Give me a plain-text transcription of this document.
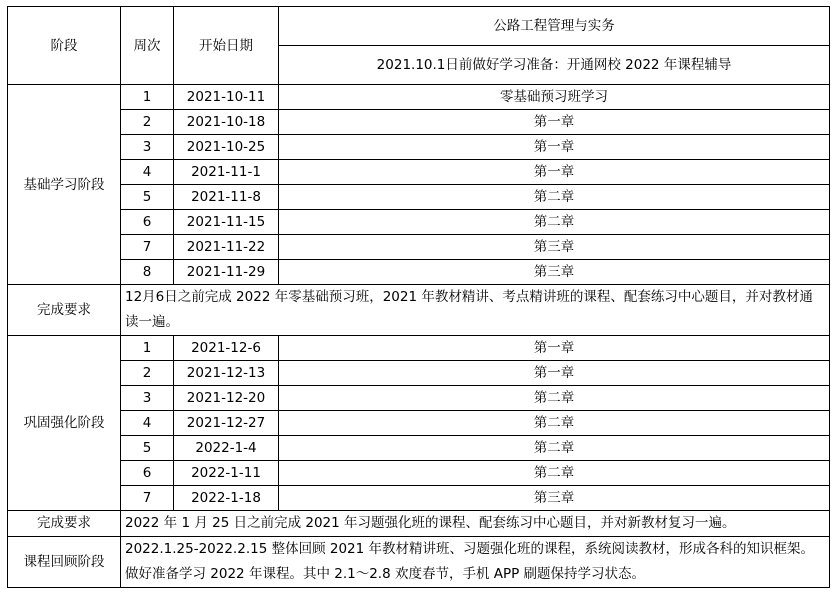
阶段	周次	开始日期	公路工程管理与实务
			2021.10.1日前做好学习准备：开通网校 2022 年课程辅导
基础学习阶段	1	2021-10-11	零基础预习班学习
	2	2021-10-18	第一章
	3	2021-10-25	第一章
	4	2021-11-1	第一章
	5	2021-11-8	第二章
	6	2021-11-15	第二章
	7	2021-11-22	第三章
	8	2021-11-29	第三章
完成要求	12月6日之前完成 2022 年零基础预习班，2021 年教材精讲、考点精讲班的课程、配套练习中心题目，并对教材通读一遍。		
巩固强化阶段	1	2021-12-6	第一章
	2	2021-12-13	第一章
	3	2021-12-20	第二章
	4	2021-12-27	第二章
	5	2022-1-4	第二章
	6	2022-1-11	第二章
	7	2022-1-18	第三章
完成要求	2022 年 1 月 25 日之前完成 2021 年习题强化班的课程、配套练习中心题目，并对新教材复习一遍。		
课程回顾阶段	2022.1.25-2022.2.15 整体回顾 2021 年教材精讲班、习题强化班的课程，系统阅读教材，形成各科的知识框架。做好准备学习 2022 年课程。其中 2.1～2.8 欢度春节，手机 APP 刷题保持学习状态。		
